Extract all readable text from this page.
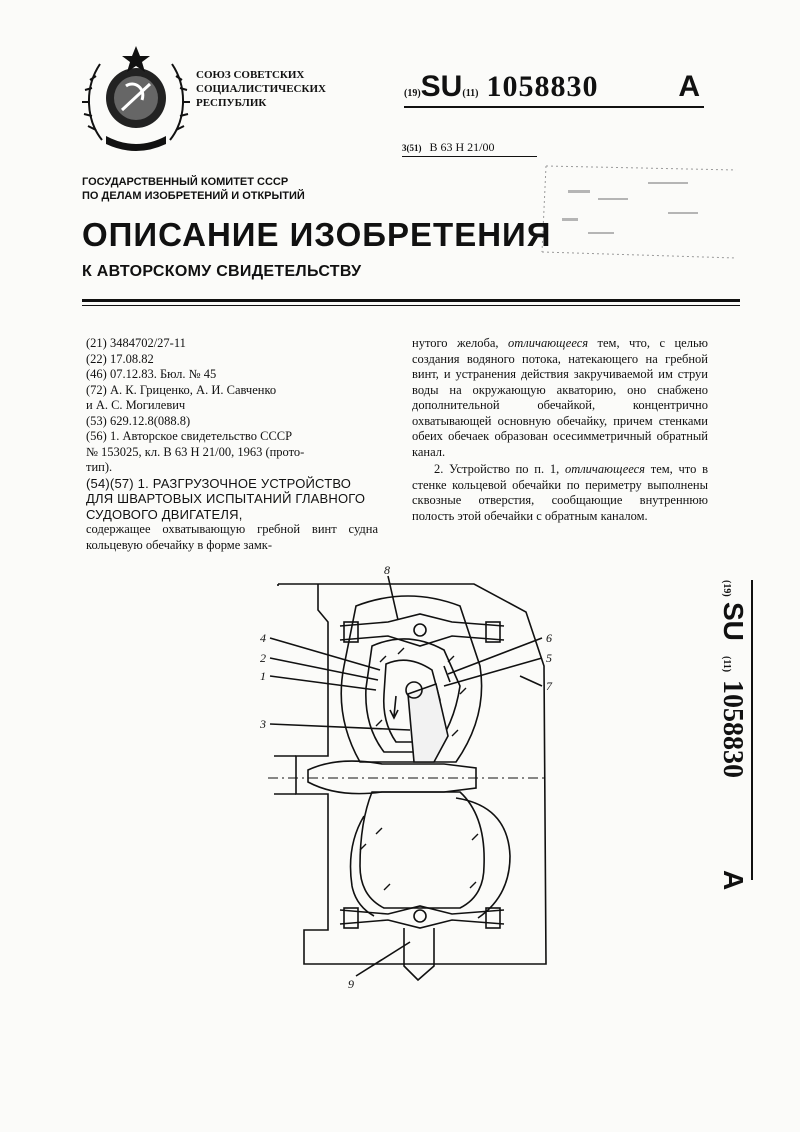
СОЮЗ СОВЕТСКИХ
СОЦИАЛИСТИЧЕСКИХ
РЕСПУБЛИК
(19)SU(11) 1058830	A
3(51) В 63 Н 21/00
ГОСУДАРСТВЕННЫЙ КОМИТЕТ СССР
ПО ДЕЛАМ ИЗОБРЕТЕНИЙ И ОТКРЫТИЙ
ОПИСАНИЕ ИЗОБРЕТЕНИЯ
К АВТОРСКОМУ СВИДЕТЕЛЬСТВУ
(21) 3484702/27-11
(22) 17.08.82
(46) 07.12.83. Бюл. № 45
(72) А. К. Гриценко, А. И. Савченко
и А. С. Могилевич
(53) 629.12.8(088.8)
(56) 1. Авторское свидетельство СССР
№ 153025, кл. В 63 Н 21/00, 1963 (прото-
тип).
(54)(57) 1. РАЗГРУЗОЧНОЕ УСТРОЙСТВО ДЛЯ ШВАРТОВЫХ ИСПЫТАНИЙ ГЛАВНОГО СУДОВОГО ДВИГАТЕЛЯ,
содержащее охватывающую гребной винт судна кольцевую обечайку в форме замк-

нутого желоба, отличающееся тем, что, с целью создания водяного потока, натекающего на гребной винт, и устранения действия закручиваемой им струи воды на окружающую акваторию, оно снабжено дополнительной обечайкой, концентрично охватывающей основную обечайку, причем стенками обеих обечаек образован осесимметричный обратный канал.

2. Устройство по п. 1, отличающееся тем, что в стенке кольцевой обечайки по периметру выполнены сквозные отверстия, сообщающие внутреннюю полость этой обечайки с обратным каналом.

8
4
2
1
3
6
5
7
9
(19)
SU
(11)
1058830
A
